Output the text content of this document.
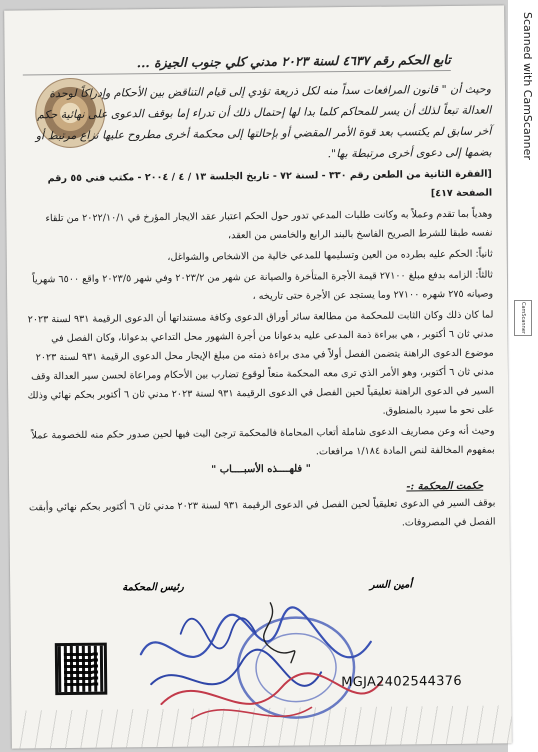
Scanned with CamScanner
CamScanner
تابع الحكم رقم ٤٦٣٧ لسنة ٢٠٢٣ مدني كلي جنوب الجيزة ...

وحيث أن " قانون المرافعات سداً منه لكل ذريعة تؤدي إلى قيام التناقض بين الأحكام وإدراكاً لوحدة العدالة تبعاً لذلك أن يسر للمحاكم كلما بدا لها إحتمال ذلك أن تدراء إما بوقف الدعوى على نهائية حكم آخر سابق لم يكتسب بعد قوة الأمر المقضي أو بإحالتها إلى محكمة أخرى مطروح عليها نزاع مرتبط أو بضمها إلى دعوى أخرى مرتبطة بها".

[الفقرة الثانية من الطعن رقم ٣٣٠ - لسنة ٧٢ - تاريخ الجلسة ١٣ / ٤ / ٢٠٠٤ - مكتب فني ٥٥ رقم الصفحة ٤١٧]

وهدياً بما تقدم وعملاً به وكانت طلبات المدعي تدور حول الحكم اعتبار عقد الايجار المؤرخ في ٢٠٢٢/١٠/١ من تلقاء نفسه طبقا للشرط الصريح الفاسخ بالبند الرابع والخامس من العقد،

ثانياً: الحكم عليه بطرده من العين وتسليمها للمدعي خالية من الاشخاص والشواغل،

ثالثاً: الزامه بدفع مبلغ ٢٧١٠٠ قيمة الأجرة المتأخرة والصيانة عن شهر من ٢٠٢٣/٢ وفي شهر ٢٠٢٣/٥ واقع ٦٥٠٠ شهرياً وصيانه ٢٧٥ شهره ٢٧١٠٠ وما يستجد عن الأجرة حتى تاريخه ،

لما كان ذلك وكان الثابت للمحكمة من مطالعة سائر أوراق الدعوى وكافة مستنداتها أن الدعوى الرقيمة ٩٣١ لسنة ٢٠٢٣ مدني ثان ٦ أكتوبر ، هي ببراءة ذمة المدعى عليه بدعوانا من أجرة الشهور محل التداعي بدعوانا، وكان الفصل في موضوع الدعوى الراهنة يتضمن الفصل أولاً في مدى براءة ذمته من مبلغ الإيجار محل الدعوى الرقيمة ٩٣١ لسنة ٢٠٢٣ مدني ثان ٦ أكتوبر، وهو الأمر الذي ترى معه المحكمة منعاً لوقوع تضارب بين الأحكام ومراعاة لحسن سير العدالة وقف السير في الدعوى الراهنة تعليقياً لحين الفصل في الدعوى الرقيمة ٩٣١ لسنة ٢٠٢٣ مدني ثان ٦ أكتوبر بحكم نهائي وذلك على نحو ما سيرد بالمنطوق.

وحيث أنه وعن مصاريف الدعوى شاملة أتعاب المحاماة فالمحكمة ترجئ البت فيها لحين صدور حكم منه للخصومة عملاً بمفهوم المخالفة لنص المادة ١/١٨٤ مرافعات.

" فلهــــذه الأسبــــاب "
حكمت المحكمة :-

بوقف السير في الدعوى تعليقياً لحين الفصل في الدعوى الرقيمة ٩٣١ لسنة ٢٠٢٣ مدني ثان ٦ أكتوبر بحكم نهائي وأبقت الفصل في المصروفات.

أمين السر
رئيس المحكمة
MGJA2402544376
